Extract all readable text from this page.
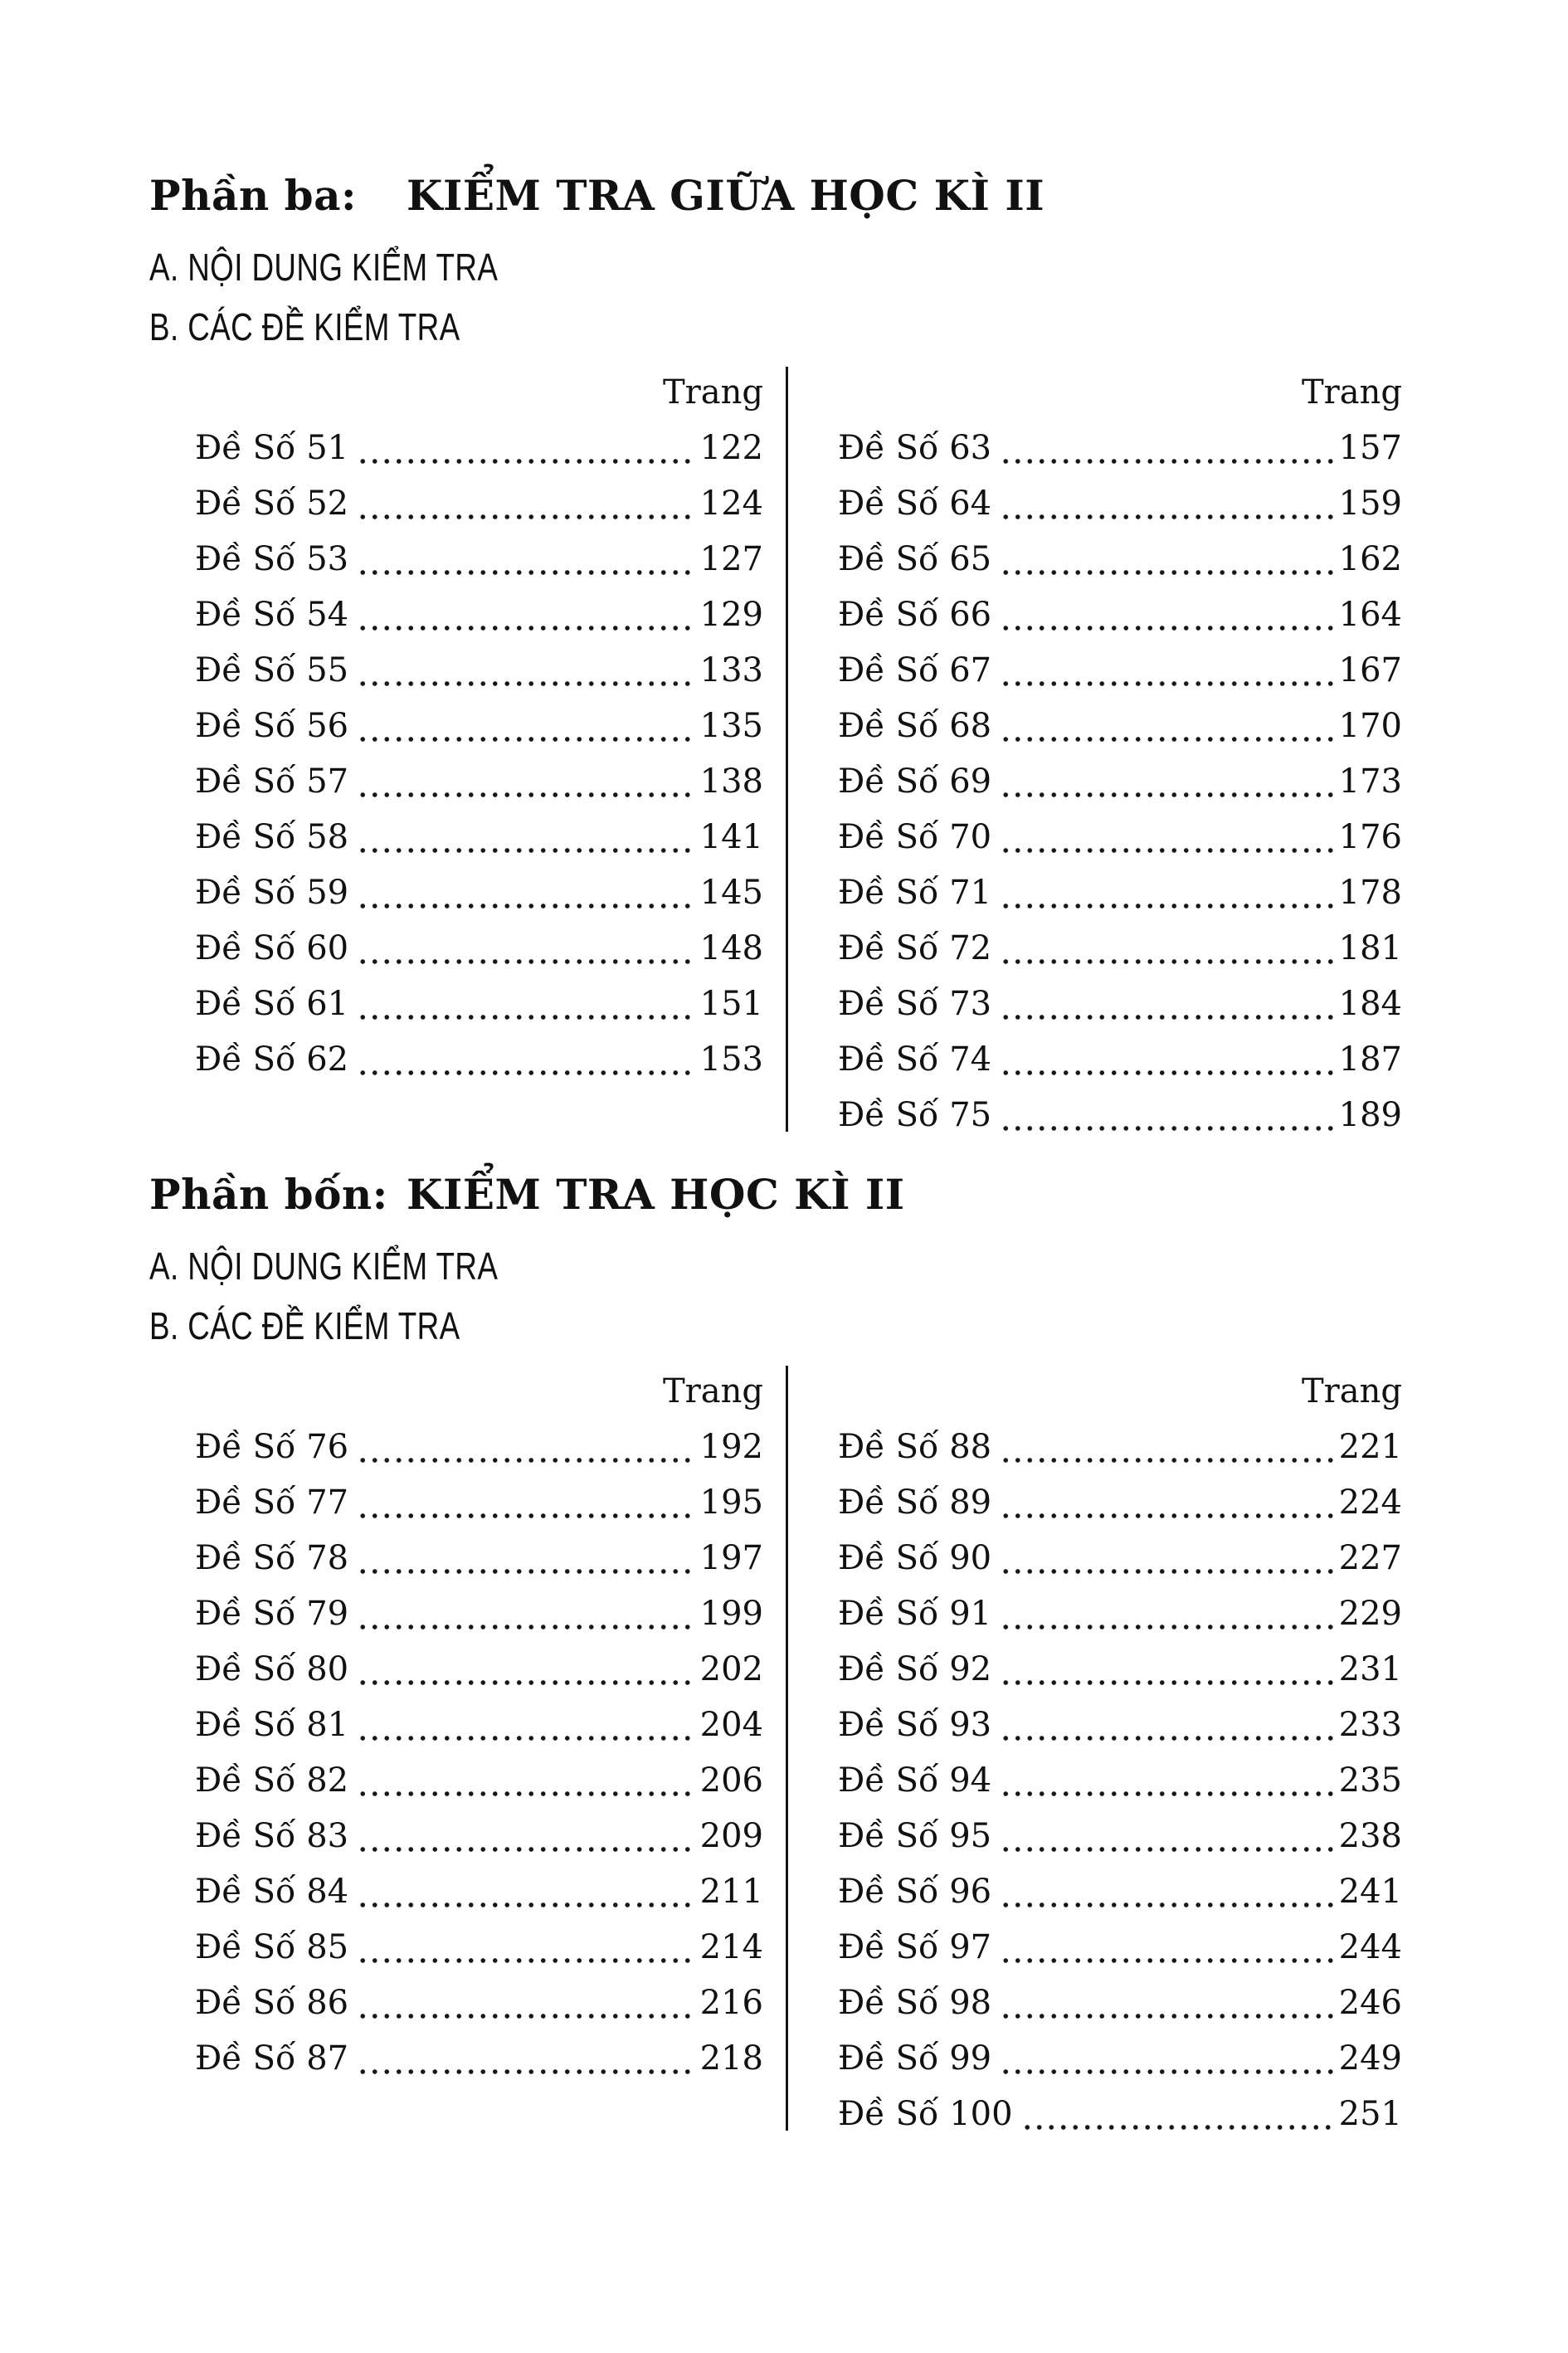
Phần ba:	KIỂM TRA GIỮA HỌC KÌ II
A. NỘI DUNG KIỂM TRA
B. CÁC ĐỀ KIỂM TRA
Trang
Đề Số 51	122
Đề Số 52	124
Đề Số 53	127
Đề Số 54	129
Đề Số 55	133
Đề Số 56	135
Đề Số 57	138
Đề Số 58	141
Đề Số 59	145
Đề Số 60	148
Đề Số 61	151
Đề Số 62	153
Trang
Đề Số 63	157
Đề Số 64	159
Đề Số 65	162
Đề Số 66	164
Đề Số 67	167
Đề Số 68	170
Đề Số 69	173
Đề Số 70	176
Đề Số 71	178
Đề Số 72	181
Đề Số 73	184
Đề Số 74	187
Đề Số 75	189
Phần bốn: KIỂM TRA HỌC KÌ II
A. NỘI DUNG KIỂM TRA
B. CÁC ĐỀ KIỂM TRA
Trang
Đề Số 76	192
Đề Số 77	195
Đề Số 78	197
Đề Số 79	199
Đề Số 80	202
Đề Số 81	204
Đề Số 82	206
Đề Số 83	209
Đề Số 84	211
Đề Số 85	214
Đề Số 86	216
Đề Số 87	218
Trang
Đề Số 88	221
Đề Số 89	224
Đề Số 90	227
Đề Số 91	229
Đề Số 92	231
Đề Số 93	233
Đề Số 94	235
Đề Số 95	238
Đề Số 96	241
Đề Số 97	244
Đề Số 98	246
Đề Số 99	249
Đề Số 100	251
